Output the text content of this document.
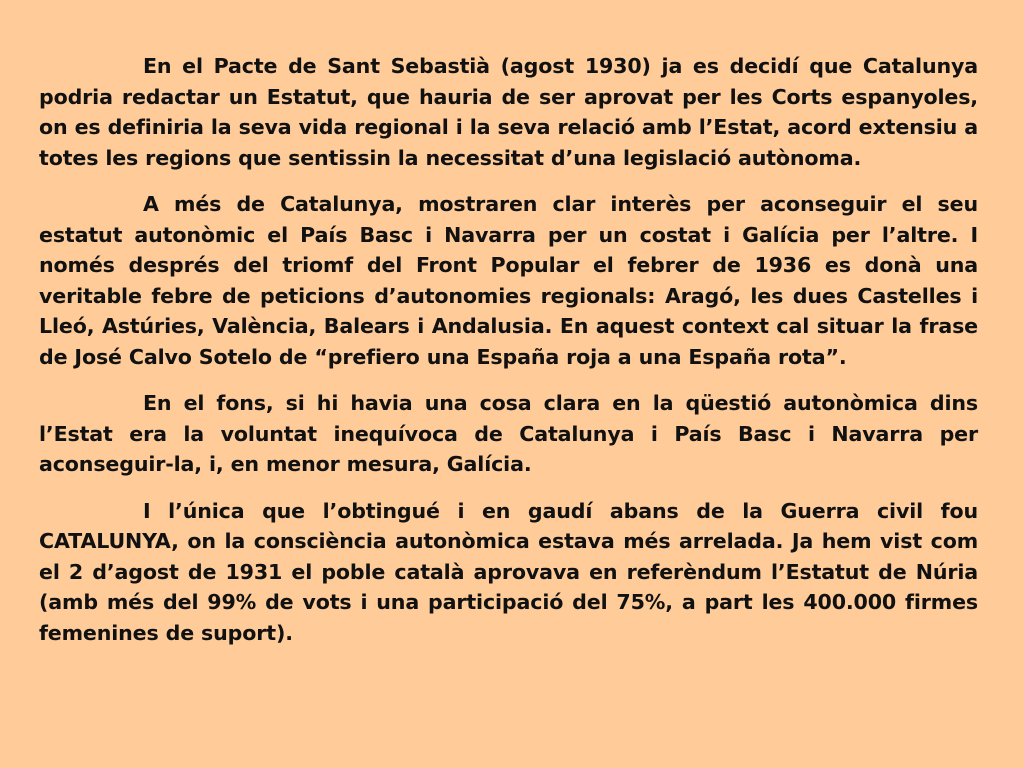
En el Pacte de Sant Sebastià (agost 1930) ja es decidí que Catalunya podria redactar un Estatut, que hauria de ser aprovat per les Corts espanyoles, on es definiria la seva vida regional i la seva relació amb l’Estat, acord extensiu a totes les regions que sentissin la necessitat d’una legislació autònoma.

A més de Catalunya, mostraren clar interès per aconseguir el seu estatut autonòmic el País Basc i Navarra per un costat i Galícia per l’altre. I només després del triomf del Front Popular el febrer de 1936 es donà una veritable febre de peticions d’autonomies regionals: Aragó, les dues Castelles i Lleó, Astúries, València, Balears i Andalusia. En aquest context cal situar la frase de José Calvo Sotelo de “prefiero una España roja a una España rota”.

En el fons, si hi havia una cosa clara en la qüestió autonòmica dins l’Estat era la voluntat inequívoca de Catalunya i País Basc i Navarra per aconseguir-la, i, en menor mesura, Galícia.

I l’única que l’obtingué i en gaudí abans de la Guerra civil fou CATALUNYA, on la consciència autonòmica estava més arrelada. Ja hem vist com el 2 d’agost de 1931 el poble català aprovava en referèndum l’Estatut de Núria (amb més del 99% de vots i una participació del 75%, a part les 400.000 firmes femenines de suport).
